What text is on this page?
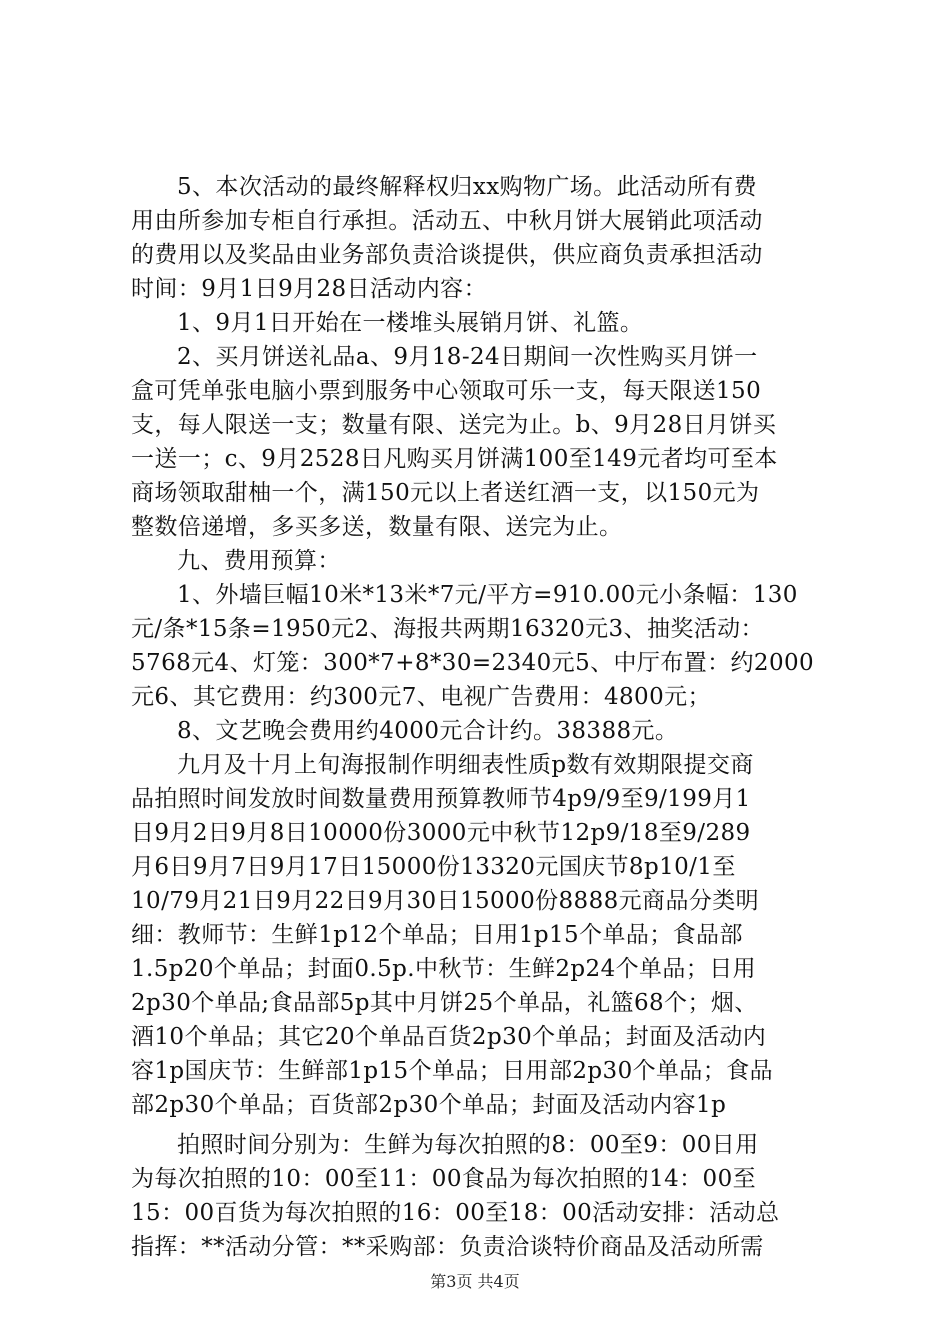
5、本次活动的最终解释权归xx购物广场。此活动所有费
用由所参加专柜自行承担。活动五、中秋月饼大展销此项活动
的费用以及奖品由业务部负责洽谈提供，供应商负责承担活动
时间：9月1日9月28日活动内容：
1、9月1日开始在一楼堆头展销月饼、礼篮。
2、买月饼送礼品a、9月18-24日期间一次性购买月饼一
盒可凭单张电脑小票到服务中心领取可乐一支，每天限送150
支，每人限送一支；数量有限、送完为止。b、9月28日月饼买
一送一；c、9月2528日凡购买月饼满100至149元者均可至本
商场领取甜柚一个，满150元以上者送红酒一支，以150元为
整数倍递增，多买多送，数量有限、送完为止。
九、费用预算：
1、外墙巨幅10米*13米*7元/平方=910.00元小条幅：130
元/条*15条=1950元2、海报共两期16320元3、抽奖活动：
5768元4、灯笼：300*7+8*30=2340元5、中厅布置：约2000
元6、其它费用：约300元7、电视广告费用：4800元；
8、文艺晚会费用约4000元合计约。38388元。
九月及十月上旬海报制作明细表性质p数有效期限提交商
品拍照时间发放时间数量费用预算教师节4p9/9至9/199月1
日9月2日9月8日10000份3000元中秋节12p9/18至9/289
月6日9月7日9月17日15000份13320元国庆节8p10/1至
10/79月21日9月22日9月30日15000份8888元商品分类明
细：教师节：生鲜1p12个单品；日用1p15个单品；食品部
1.5p20个单品；封面0.5p.中秋节：生鲜2p24个单品；日用
2p30个单品;食品部5p其中月饼25个单品，礼篮68个；烟、
酒10个单品；其它20个单品百货2p30个单品；封面及活动内
容1p国庆节：生鲜部1p15个单品；日用部2p30个单品；食品
部2p30个单品；百货部2p30个单品；封面及活动内容1p
拍照时间分别为：生鲜为每次拍照的8：00至9：00日用
为每次拍照的10：00至11：00食品为每次拍照的14：00至
15：00百货为每次拍照的16：00至18：00活动安排：活动总
指挥：**活动分管：**采购部：负责洽谈特价商品及活动所需
第3页 共4页
